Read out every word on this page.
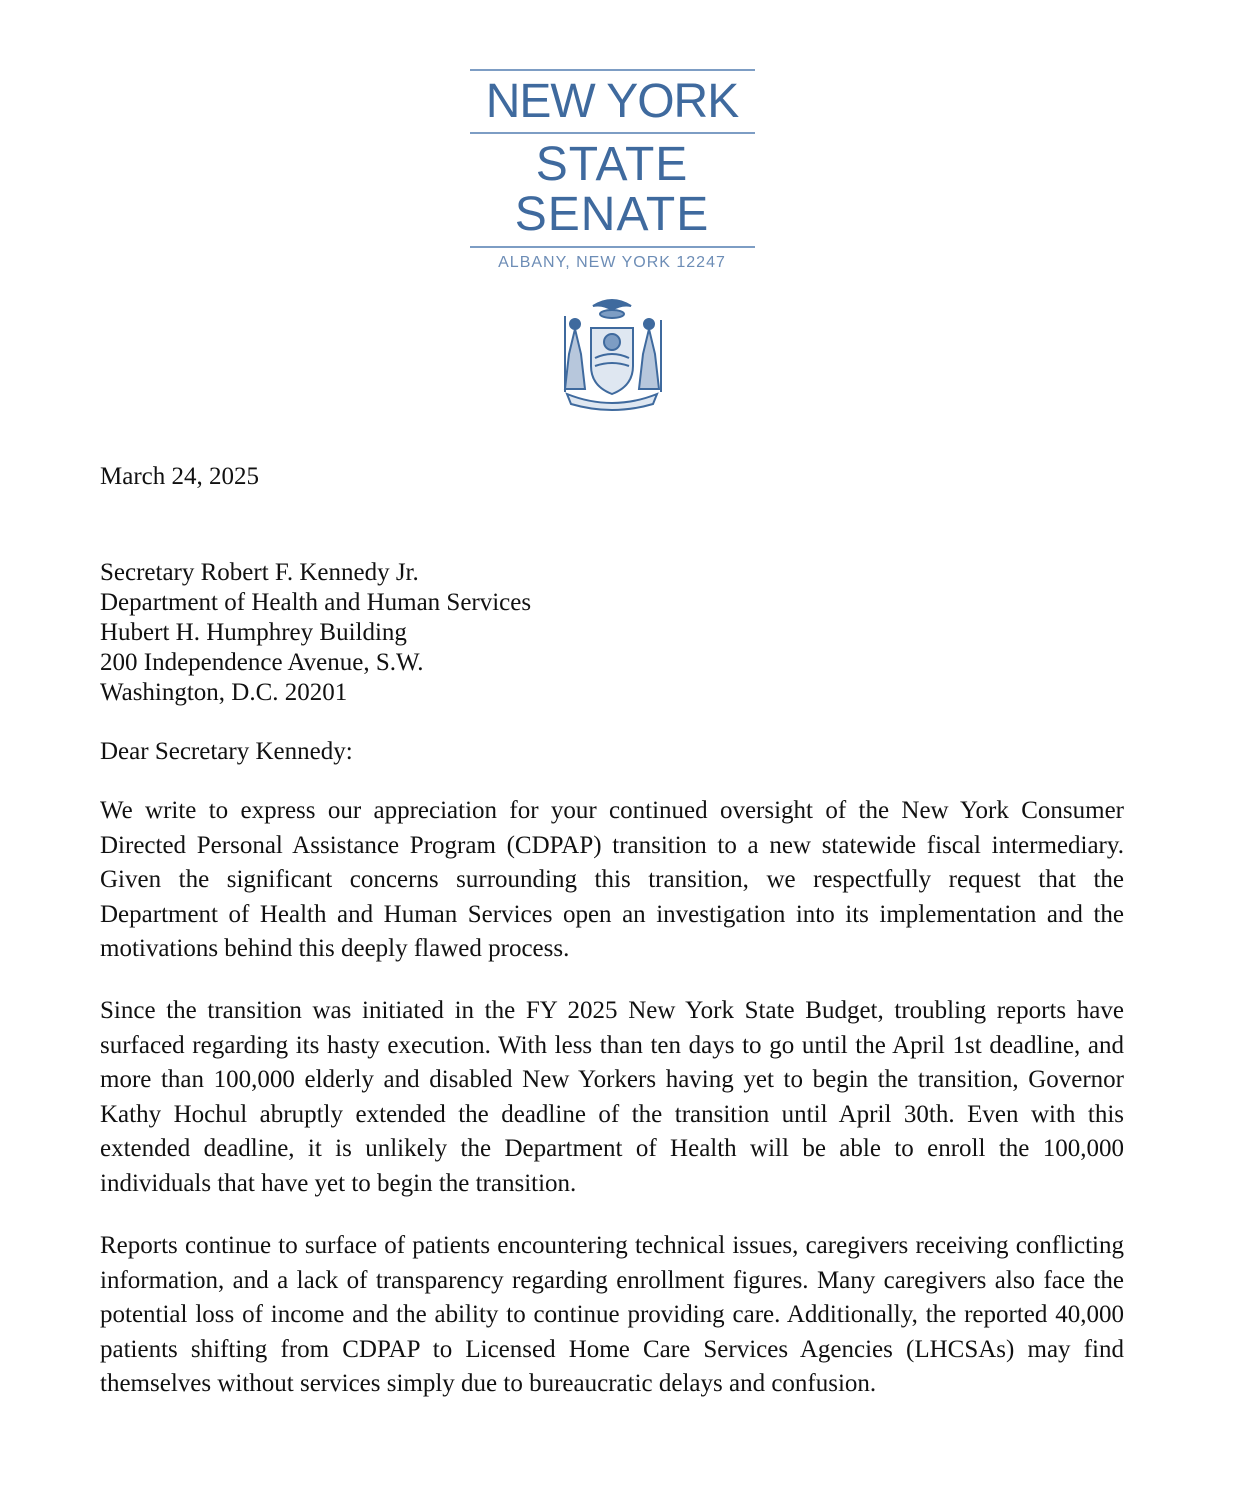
NEW YORK
STATE
SENATE
ALBANY, NEW YORK 12247
March 24, 2025
Secretary Robert F. Kennedy Jr.
Department of Health and Human Services
Hubert H. Humphrey Building
200 Independence Avenue, S.W.
Washington, D.C. 20201
Dear Secretary Kennedy:

We write to express our appreciation for your continued oversight of the New York Consumer Directed Personal Assistance Program (CDPAP) transition to a new statewide fiscal intermediary. Given the significant concerns surrounding this transition, we respectfully request that the Department of Health and Human Services open an investigation into its implementation and the motivations behind this deeply flawed process.

Since the transition was initiated in the FY 2025 New York State Budget, troubling reports have surfaced regarding its hasty execution. With less than ten days to go until the April 1st deadline, and more than 100,000 elderly and disabled New Yorkers having yet to begin the transition, Governor Kathy Hochul abruptly extended the deadline of the transition until April 30th. Even with this extended deadline, it is unlikely the Department of Health will be able to enroll the 100,000 individuals that have yet to begin the transition.

Reports continue to surface of patients encountering technical issues, caregivers receiving conflicting information, and a lack of transparency regarding enrollment figures. Many caregivers also face the potential loss of income and the ability to continue providing care. Additionally, the reported 40,000 patients shifting from CDPAP to Licensed Home Care Services Agencies (LHCSAs) may find themselves without services simply due to bureaucratic delays and confusion.
